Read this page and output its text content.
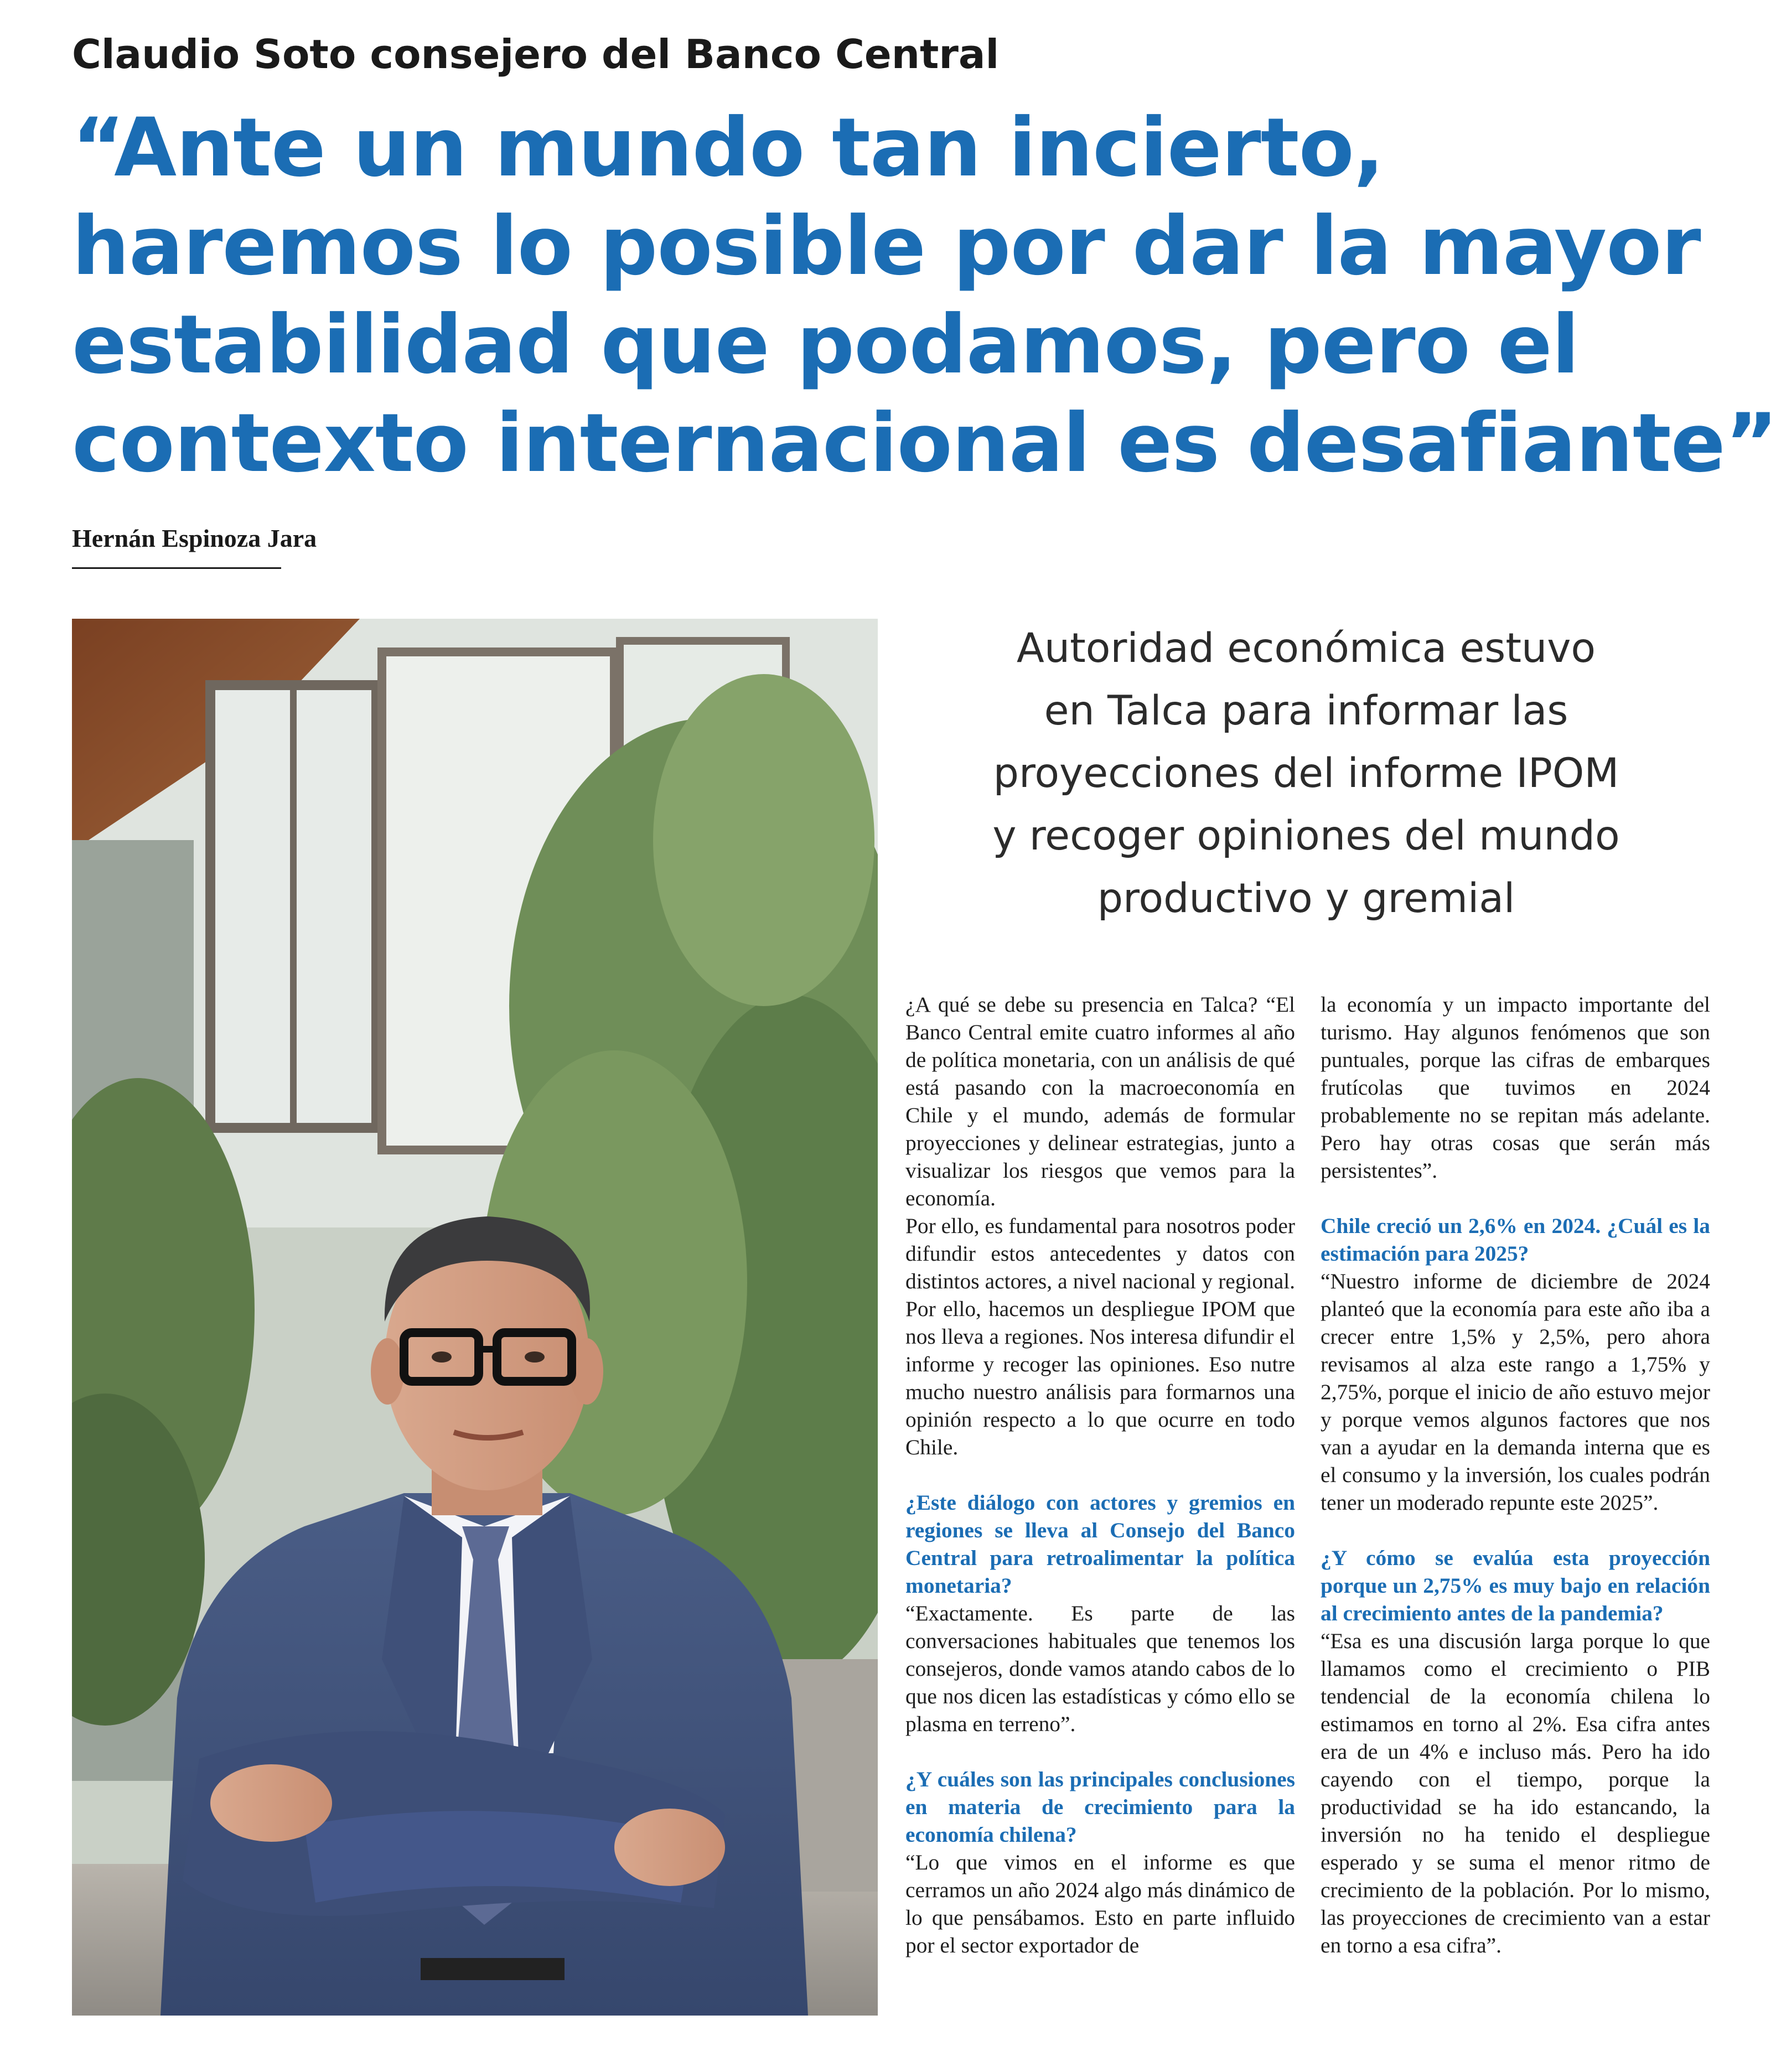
Claudio Soto consejero del Banco Central
“Ante un mundo tan incierto,
haremos lo posible por dar la mayor
estabilidad que podamos, pero el
contexto internacional es desafiante”
Hernán Espinoza Jara
Autoridad económica estuvo
en Talca para informar las
proyecciones del informe IPOM
y recoger opiniones del mundo
productivo y gremial

¿A qué se debe su presencia en Talca? “El Banco Central emite cuatro informes al año de política monetaria, con un análisis de qué está pasando con la macroeconomía en Chile y el mundo, además de formular proyecciones y delinear estrategias, junto a visualizar los riesgos que vemos para la economía.

Por ello, es fundamental para nosotros poder difundir estos antecedentes y datos con distintos actores, a nivel nacional y regional. Por ello, hacemos un despliegue IPOM que nos lleva a regiones. Nos interesa difundir el informe y recoger las opiniones. Eso nutre mucho nuestro análisis para formarnos una opinión respecto a lo que ocurre en todo Chile.

¿Este diálogo con actores y gremios en regiones se lleva al Consejo del Banco Central para retroalimentar la política monetaria?

“Exactamente. Es parte de las conversaciones habituales que tenemos los consejeros, donde vamos atando cabos de lo que nos dicen las estadísticas y cómo ello se plasma en terreno”.

¿Y cuáles son las principales conclusiones en materia de crecimiento para la economía chilena?

“Lo que vimos en el informe es que cerramos un año 2024 algo más dinámico de lo que pensábamos. Esto en parte influido por el sector exportador de

la economía y un impacto importante del turismo. Hay algunos fenómenos que son puntuales, porque las cifras de embarques frutícolas que tuvimos en 2024 probablemente no se repitan más adelante. Pero hay otras cosas que serán más persistentes”.

Chile creció un 2,6% en 2024. ¿Cuál es la estimación para 2025?

“Nuestro informe de diciembre de 2024 planteó que la economía para este año iba a crecer entre 1,5% y 2,5%, pero ahora revisamos al alza este rango a 1,75% y 2,75%, porque el inicio de año estuvo mejor y porque vemos algunos factores que nos van a ayudar en la demanda interna que es el consumo y la inversión, los cuales podrán tener un moderado repunte este 2025”.

¿Y cómo se evalúa esta proyección porque un 2,75% es muy bajo en relación al crecimiento antes de la pandemia?

“Esa es una discusión larga porque lo que llamamos como el crecimiento o PIB tendencial de la economía chilena lo estimamos en torno al 2%. Esa cifra antes era de un 4% e incluso más. Pero ha ido cayendo con el tiempo, porque la productividad se ha ido estancando, la inversión no ha tenido el despliegue esperado y se suma el menor ritmo de crecimiento de la población. Por lo mismo, las proyecciones de crecimiento van a estar en torno a esa cifra”.
